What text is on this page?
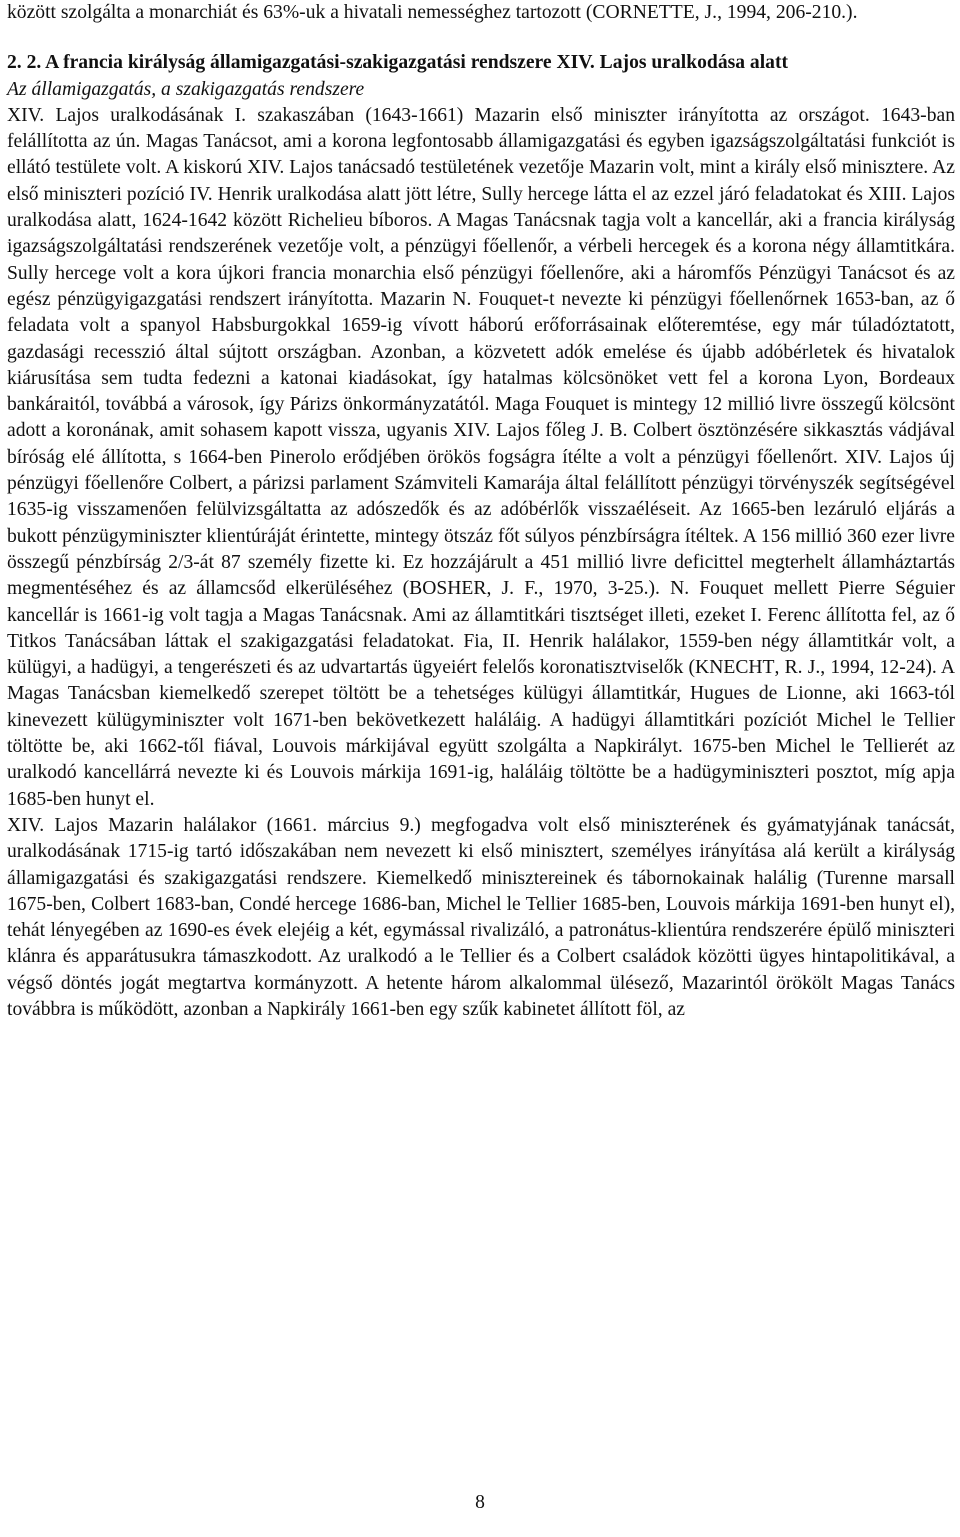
között szolgálta a monarchiát és 63%-uk a hivatali nemességhez tartozott (CORNETTE, J., 1994, 206-210.).

2. 2. A francia királyság államigazgatási-szakigazgatási rendszere XIV. Lajos uralkodása alatt

Az államigazgatás, a szakigazgatás rendszere

XIV. Lajos uralkodásának I. szakaszában (1643-1661) Mazarin első miniszter irányította az országot. 1643-ban felállította az ún. Magas Tanácsot, ami a korona legfontosabb államigazgatási és egyben igazságszolgáltatási funkciót is ellátó testülete volt. A kiskorú XIV. Lajos tanácsadó testületének vezetője Mazarin volt, mint a király első minisztere. Az első miniszteri pozíció IV. Henrik uralkodása alatt jött létre, Sully hercege látta el az ezzel járó feladatokat és XIII. Lajos uralkodása alatt, 1624-1642 között Richelieu bíboros. A Magas Tanácsnak tagja volt a kancellár, aki a francia királyság igazságszolgáltatási rendszerének vezetője volt, a pénzügyi főellenőr, a vérbeli hercegek és a korona négy államtitkára. Sully hercege volt a kora újkori francia monarchia első pénzügyi főellenőre, aki a háromfős Pénzügyi Tanácsot és az egész pénzügyigazgatási rendszert irányította. Mazarin N. Fouquet-t nevezte ki pénzügyi főellenőrnek 1653-ban, az ő feladata volt a spanyol Habsburgokkal 1659-ig vívott háború erőforrásainak előteremtése, egy már túladóztatott, gazdasági recesszió által sújtott országban. Azonban, a közvetett adók emelése és újabb adóbérletek és hivatalok kiárusítása sem tudta fedezni a katonai kiadásokat, így hatalmas kölcsönöket vett fel a korona Lyon, Bordeaux bankáraitól, továbbá a városok, így Párizs önkormányzatától. Maga Fouquet is mintegy 12 millió livre összegű kölcsönt adott a koronának, amit sohasem kapott vissza, ugyanis XIV. Lajos főleg J. B. Colbert ösztönzésére sikkasztás vádjával bíróság elé állította, s 1664-ben Pinerolo erődjében örökös fogságra ítélte a volt a pénzügyi főellenőrt. XIV. Lajos új pénzügyi főellenőre Colbert, a párizsi parlament Számviteli Kamarája által felállított pénzügyi törvényszék segítségével 1635-ig visszamenően felülvizsgáltatta az adószedők és az adóbérlők visszaéléseit. Az 1665-ben lezáruló eljárás a bukott pénzügyminiszter klientúráját érintette, mintegy ötszáz főt súlyos pénzbírságra ítéltek. A 156 millió 360 ezer livre összegű pénzbírság 2/3-át 87 személy fizette ki. Ez hozzájárult a 451 millió livre deficittel megterhelt államháztartás megmentéséhez és az államcsőd elkerüléséhez (BOSHER, J. F., 1970, 3-25.). N. Fouquet mellett Pierre Séguier kancellár is 1661-ig volt tagja a Magas Tanácsnak. Ami az államtitkári tisztséget illeti, ezeket I. Ferenc állította fel, az ő Titkos Tanácsában láttak el szakigazgatási feladatokat. Fia, II. Henrik halálakor, 1559-ben négy államtitkár volt, a külügyi, a hadügyi, a tengerészeti és az udvartartás ügyeiért felelős koronatisztviselők (KNECHT, R. J., 1994, 12-24). A Magas Tanácsban kiemelkedő szerepet töltött be a tehetséges külügyi államtitkár, Hugues de Lionne, aki 1663-tól kinevezett külügyminiszter volt 1671-ben bekövetkezett haláláig. A hadügyi államtitkári pozíciót Michel le Tellier töltötte be, aki 1662-től fiával, Louvois márkijával együtt szolgálta a Napkirályt. 1675-ben Michel le Tellierét az uralkodó kancellárrá nevezte ki és Louvois márkija 1691-ig, haláláig töltötte be a hadügyminiszteri posztot, míg apja 1685-ben hunyt el.

XIV. Lajos Mazarin halálakor (1661. március 9.) megfogadva volt első miniszterének és gyámatyjának tanácsát, uralkodásának 1715-ig tartó időszakában nem nevezett ki első minisztert, személyes irányítása alá került a királyság államigazgatási és szakigazgatási rendszere. Kiemelkedő minisztereinek és tábornokainak halálig (Turenne marsall 1675-ben, Colbert 1683-ban, Condé hercege 1686-ban, Michel le Tellier 1685-ben, Louvois márkija 1691-ben hunyt el), tehát lényegében az 1690-es évek elejéig a két, egymással rivalizáló, a patronátus-klientúra rendszerére épülő miniszteri klánra és apparátusukra támaszkodott. Az uralkodó a le Tellier és a Colbert családok közötti ügyes hintapolitikával, a végső döntés jogát megtartva kormányzott. A hetente három alkalommal ülésező, Mazarintól örökölt Magas Tanács továbbra is működött, azonban a Napkirály 1661-ben egy szűk kabinetet állított föl, az

8
